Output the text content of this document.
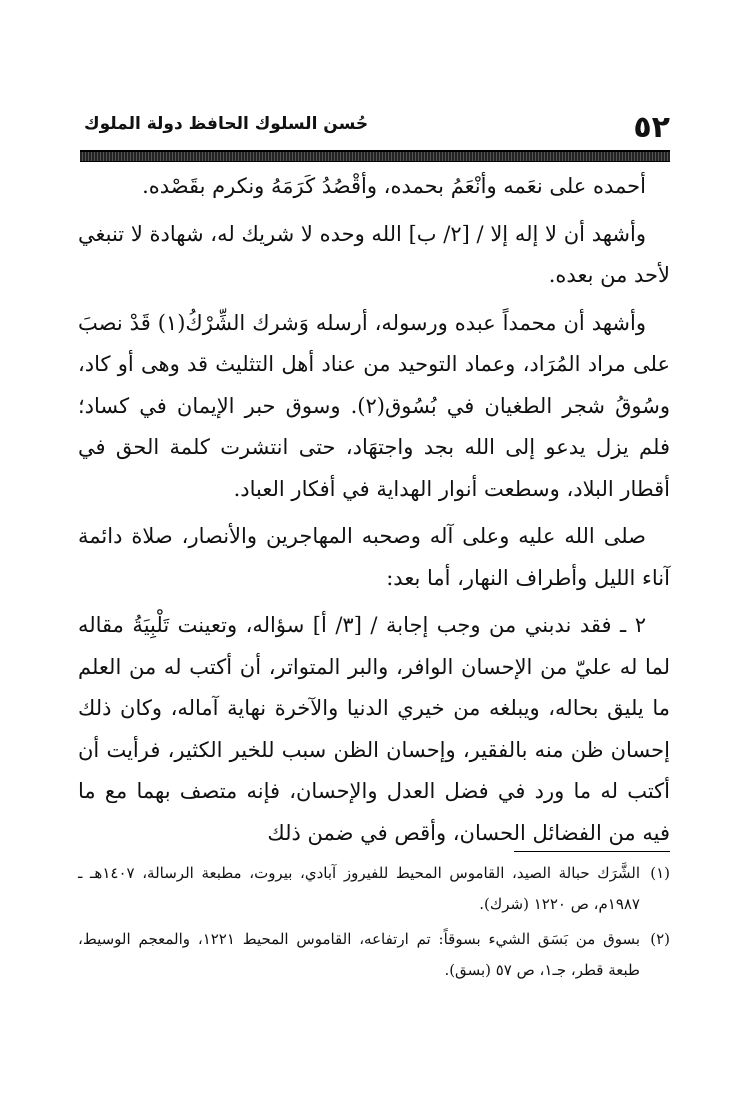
٥٢
حُسن السلوك الحافظ دولة الملوك

أحمده على نعَمه وأنْعَمُ بحمده، وأقْصُدُ كَرَمَهُ ونكرم بقَصْده.

وأشهد أن لا إله إلا / [٢/ ب] الله وحده لا شريك له، شهادة لا تنبغي لأحد من بعده.

وأشهد أن محمداً عبده ورسوله، أرسله وَشرك الشِّرْكُ(١) قَدْ نصبَ على مراد المُرَاد، وعماد التوحيد من عناد أهل التثليث قد وهى أو كاد، وسُوقُ شجر الطغيان في بُسُوق(٢). وسوق حبر الإيمان في كساد؛ فلم يزل يدعو إلى الله بجد واجتهَاد، حتى انتشرت كلمة الحق في أقطار البلاد، وسطعت أنوار الهداية في أفكار العباد.

صلى الله عليه وعلى آله وصحبه المهاجرين والأنصار، صلاة دائمة آناء الليل وأطراف النهار، أما بعد:

٢ ـ فقد ندبني من وجب إجابة / [٣/ أ] سؤاله، وتعينت تَلْبِيَةُ مقاله لما له عليّ من الإحسان الوافر، والبر المتواتر، أن أكتب له من العلم ما يليق بحاله، ويبلغه من خيري الدنيا والآخرة نهاية آماله، وكان ذلك إحسان ظن منه بالفقير، وإحسان الظن سبب للخير الكثير، فرأيت أن أكتب له ما ورد في فضل العدل والإحسان، فإنه متصف بهما مع ما فيه من الفضائل الحسان، وأقص في ضمن ذلك

(١)
الشَّرَك حبالة الصيد، القاموس المحيط للفيروز آبادي، بيروت، مطبعة الرسالة، ١٤٠٧هـ ـ ١٩٨٧م، ص ١٢٢٠ (شرك).
(٢)
بسوق من بَسَق الشيء بسوقاً: تم ارتفاعه، القاموس المحيط ١٢٢١، والمعجم الوسيط، طبعة قطر، جـ١، ص ٥٧ (بسق).
